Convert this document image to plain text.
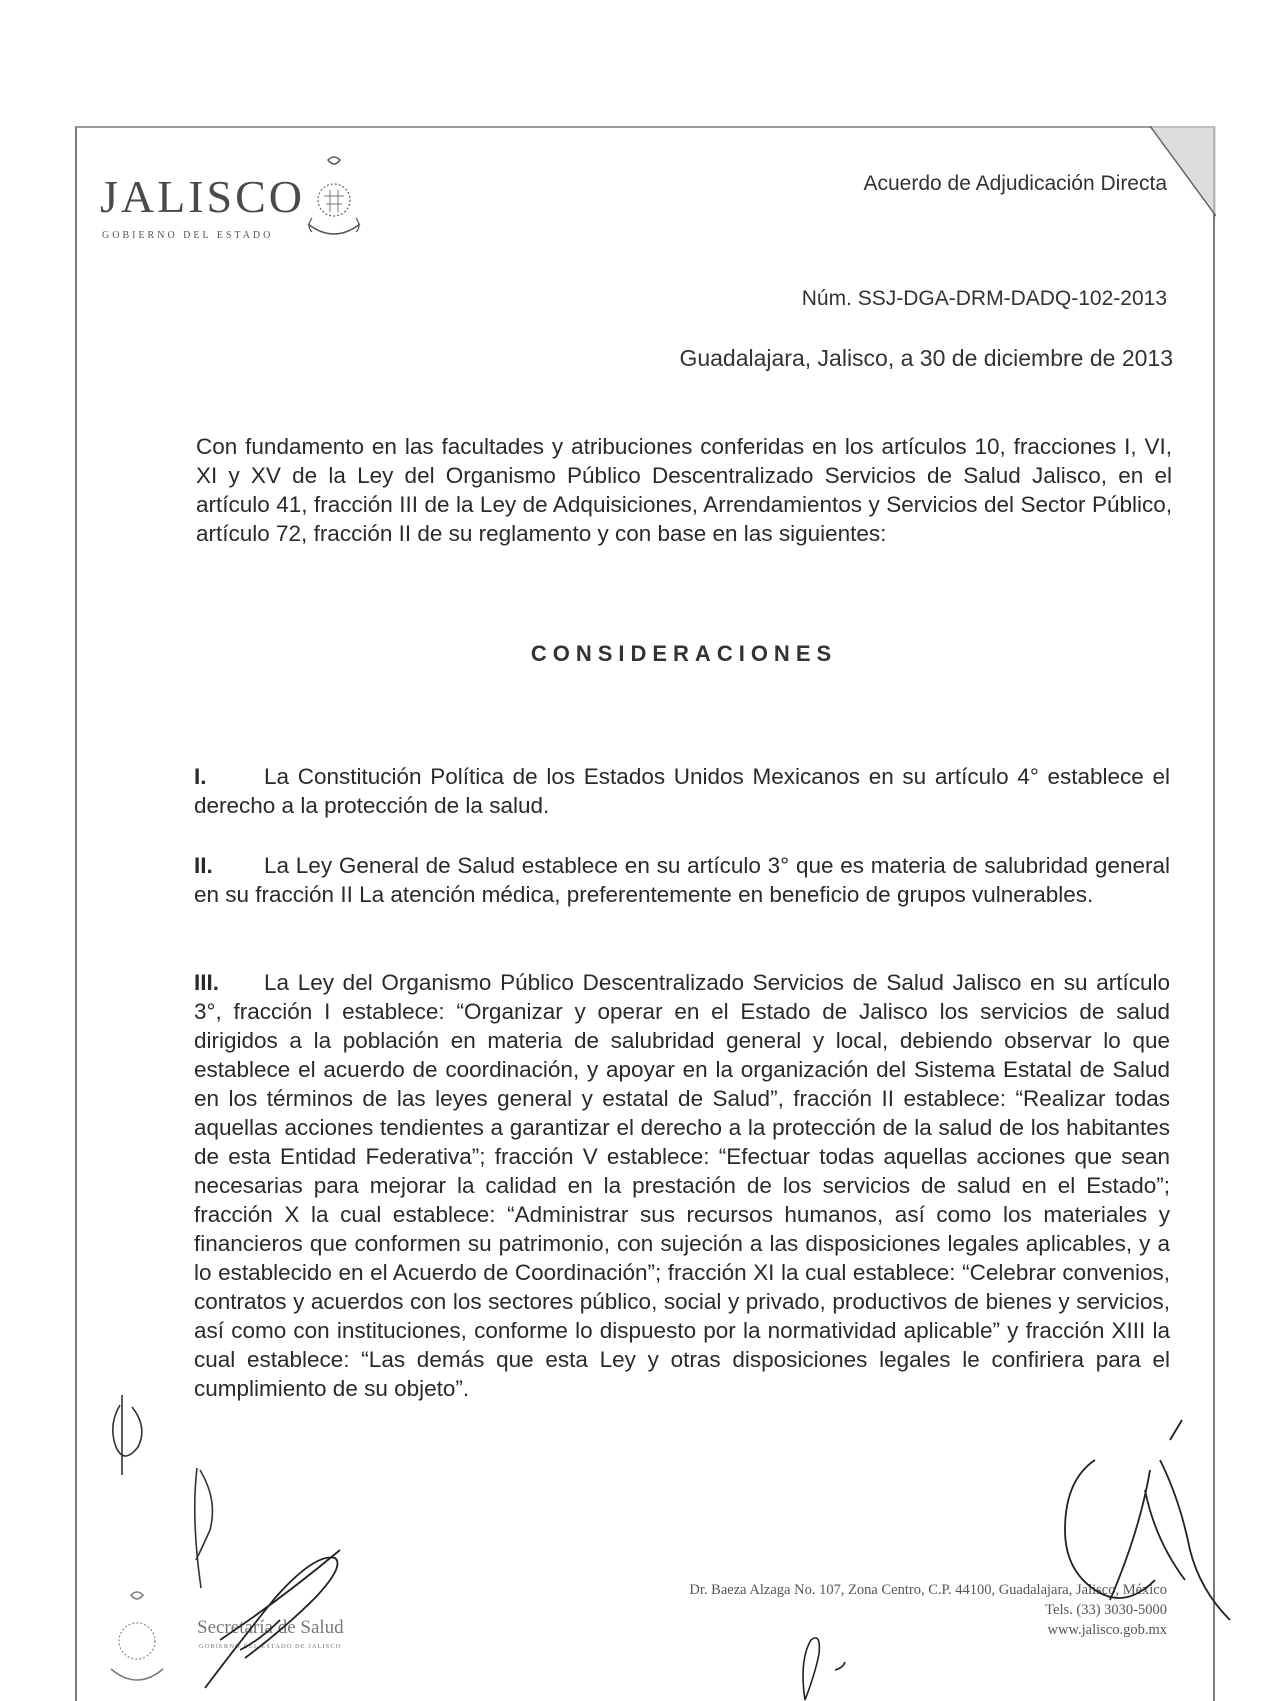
JALISCO
GOBIERNO DEL ESTADO
Acuerdo de Adjudicación Directa
Núm. SSJ-DGA-DRM-DADQ-102-2013
Guadalajara, Jalisco, a 30 de diciembre de 2013

Con fundamento en las facultades y atribuciones conferidas en los artículos 10, fracciones I, VI, XI y XV de la Ley del Organismo Público Descentralizado Servicios de Salud Jalisco, en el artículo 41, fracción III de la Ley de Adquisiciones, Arrendamientos y Servicios del Sector Público, artículo 72, fracción II de su reglamento y con base en las siguientes:

CONSIDERACIONES

I.	La Constitución Política de los Estados Unidos Mexicanos en su artículo 4° establece el derecho a la protección de la salud.

II. La Ley General de Salud establece en su artículo 3° que es materia de salubridad general en su fracción II La atención médica, preferentemente en beneficio de grupos vulnerables.

III. La Ley del Organismo Público Descentralizado Servicios de Salud Jalisco en su artículo 3°, fracción I establece: “Organizar y operar en el Estado de Jalisco los servicios de salud dirigidos a la población en materia de salubridad general y local, debiendo observar lo que establece el acuerdo de coordinación, y apoyar en la organización del Sistema Estatal de Salud en los términos de las leyes general y estatal de Salud”, fracción II establece: “Realizar todas aquellas acciones tendientes a garantizar el derecho a la protección de la salud de los habitantes de esta Entidad Federativa”; fracción V establece: “Efectuar todas aquellas acciones que sean necesarias para mejorar la calidad en la prestación de los servicios de salud en el Estado”; fracción X la cual establece: “Administrar sus recursos humanos, así como los materiales y financieros que conformen su patrimonio, con sujeción a las disposiciones legales aplicables, y a lo establecido en el Acuerdo de Coordinación”; fracción XI la cual establece: “Celebrar convenios, contratos y acuerdos con los sectores público, social y privado, productivos de bienes y servicios, así como con instituciones, conforme lo dispuesto por la normatividad aplicable” y fracción XIII la cual establece: “Las demás que esta Ley y otras disposiciones legales le confiriera para el cumplimiento de su objeto”.

Secretaría de Salud
GOBIERNO DEL ESTADO DE JALISCO
Dr. Baeza Alzaga No. 107, Zona Centro, C.P. 44100, Guadalajara, Jalisco, México
Tels. (33) 3030-5000
www.jalisco.gob.mx
